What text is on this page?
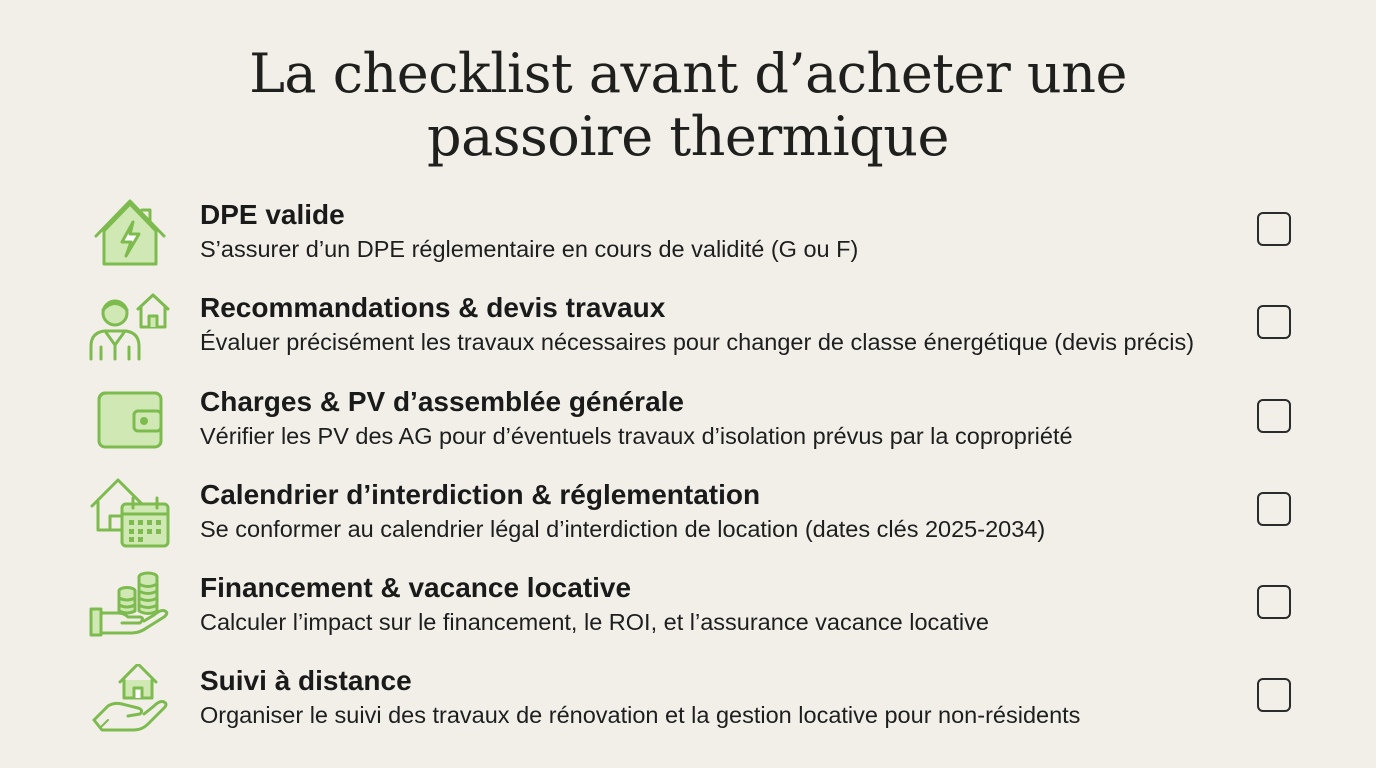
La checklist avant d’acheter une
passoire thermique
DPE valide
S’assurer d’un DPE réglementaire en cours de validité (G ou F)
Recommandations & devis travaux
Évaluer précisément les travaux nécessaires pour changer de classe énergétique (devis précis)
Charges & PV d’assemblée générale
Vérifier les PV des AG pour d’éventuels travaux d’isolation prévus par la copropriété
Calendrier d’interdiction & réglementation
Se conformer au calendrier légal d’interdiction de location (dates clés 2025-2034)
Financement & vacance locative
Calculer l’impact sur le financement, le ROI, et l’assurance vacance locative
Suivi à distance
Organiser le suivi des travaux de rénovation et la gestion locative pour non-résidents
